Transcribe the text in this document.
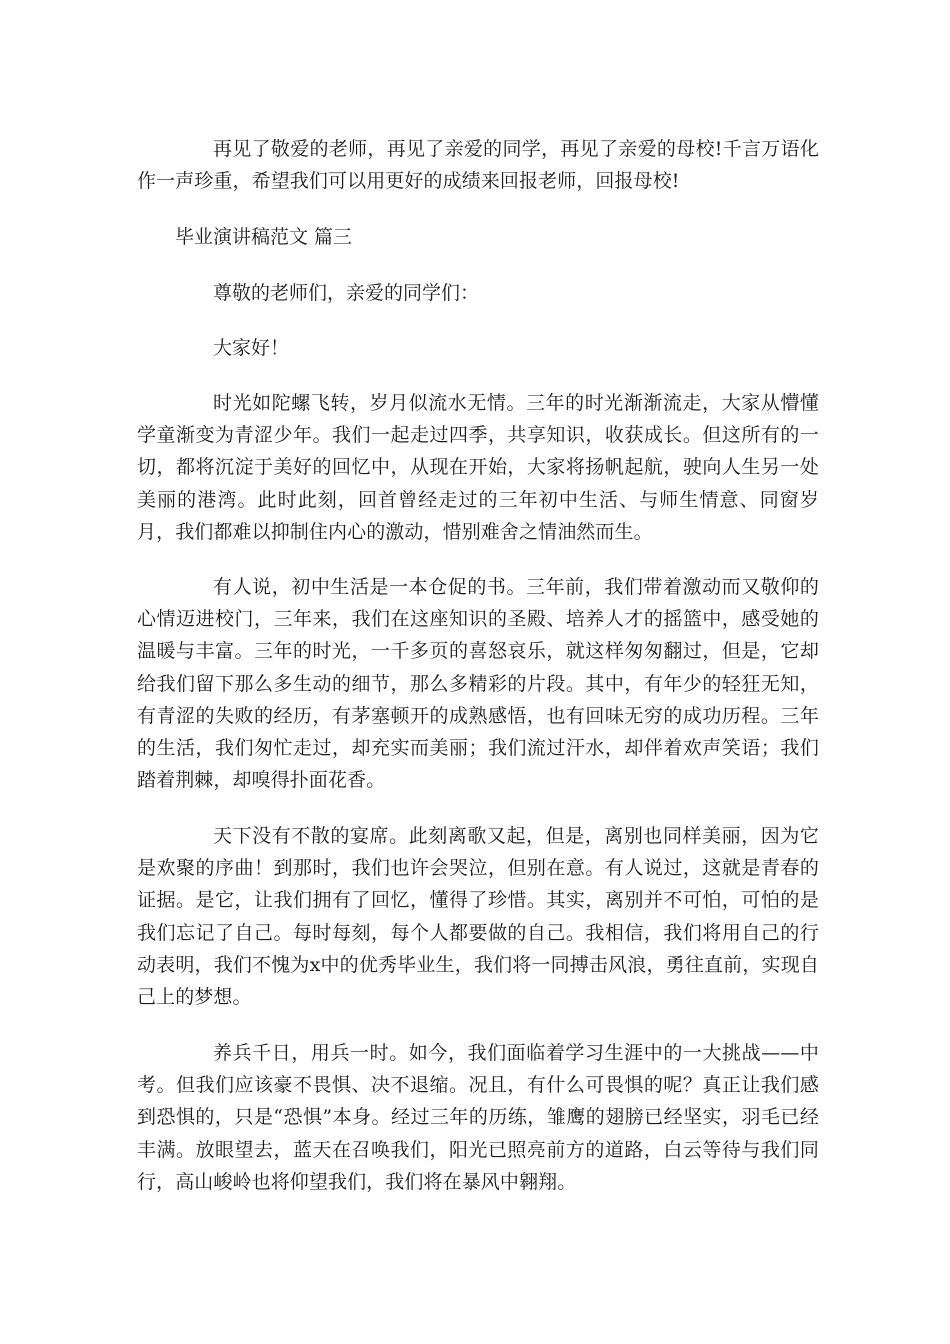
再见了敬爱的老师，再见了亲爱的同学，再见了亲爱的母校!千言万语化作一声珍重，希望我们可以用更好的成绩来回报老师，回报母校!

毕业演讲稿范文 篇三

尊敬的老师们，亲爱的同学们：

大家好！

时光如陀螺飞转，岁月似流水无情。三年的时光渐渐流走，大家从懵懂学童渐变为青涩少年。我们一起走过四季，共享知识，收获成长。但这所有的一切，都将沉淀于美好的回忆中，从现在开始，大家将扬帆起航，驶向人生另一处美丽的港湾。此时此刻，回首曾经走过的三年初中生活、与师生情意、同窗岁月，我们都难以抑制住内心的激动，惜别难舍之情油然而生。

有人说，初中生活是一本仓促的书。三年前，我们带着激动而又敬仰的心情迈进校门，三年来，我们在这座知识的圣殿、培养人才的摇篮中，感受她的温暖与丰富。三年的时光，一千多页的喜怒哀乐，就这样匆匆翻过，但是，它却给我们留下那么多生动的细节，那么多精彩的片段。其中，有年少的轻狂无知，有青涩的失败的经历，有茅塞顿开的成熟感悟，也有回味无穷的成功历程。三年的生活，我们匆忙走过，却充实而美丽；我们流过汗水，却伴着欢声笑语；我们踏着荆棘，却嗅得扑面花香。

天下没有不散的宴席。此刻离歌又起，但是，离别也同样美丽，因为它是欢聚的序曲！到那时，我们也许会哭泣，但别在意。有人说过，这就是青春的证据。是它，让我们拥有了回忆，懂得了珍惜。其实，离别并不可怕，可怕的是我们忘记了自己。每时每刻，每个人都要做的自己。我相信，我们将用自己的行动表明，我们不愧为x中的优秀毕业生，我们将一同搏击风浪，勇往直前，实现自己上的梦想。

养兵千日，用兵一时。如今，我们面临着学习生涯中的一大挑战——中考。但我们应该豪不畏惧、决不退缩。况且，有什么可畏惧的呢？真正让我们感到恐惧的，只是“恐惧”本身。经过三年的历练，雏鹰的翅膀已经坚实，羽毛已经丰满。放眼望去，蓝天在召唤我们，阳光已照亮前方的道路，白云等待与我们同行，高山峻岭也将仰望我们，我们将在暴风中翱翔。
